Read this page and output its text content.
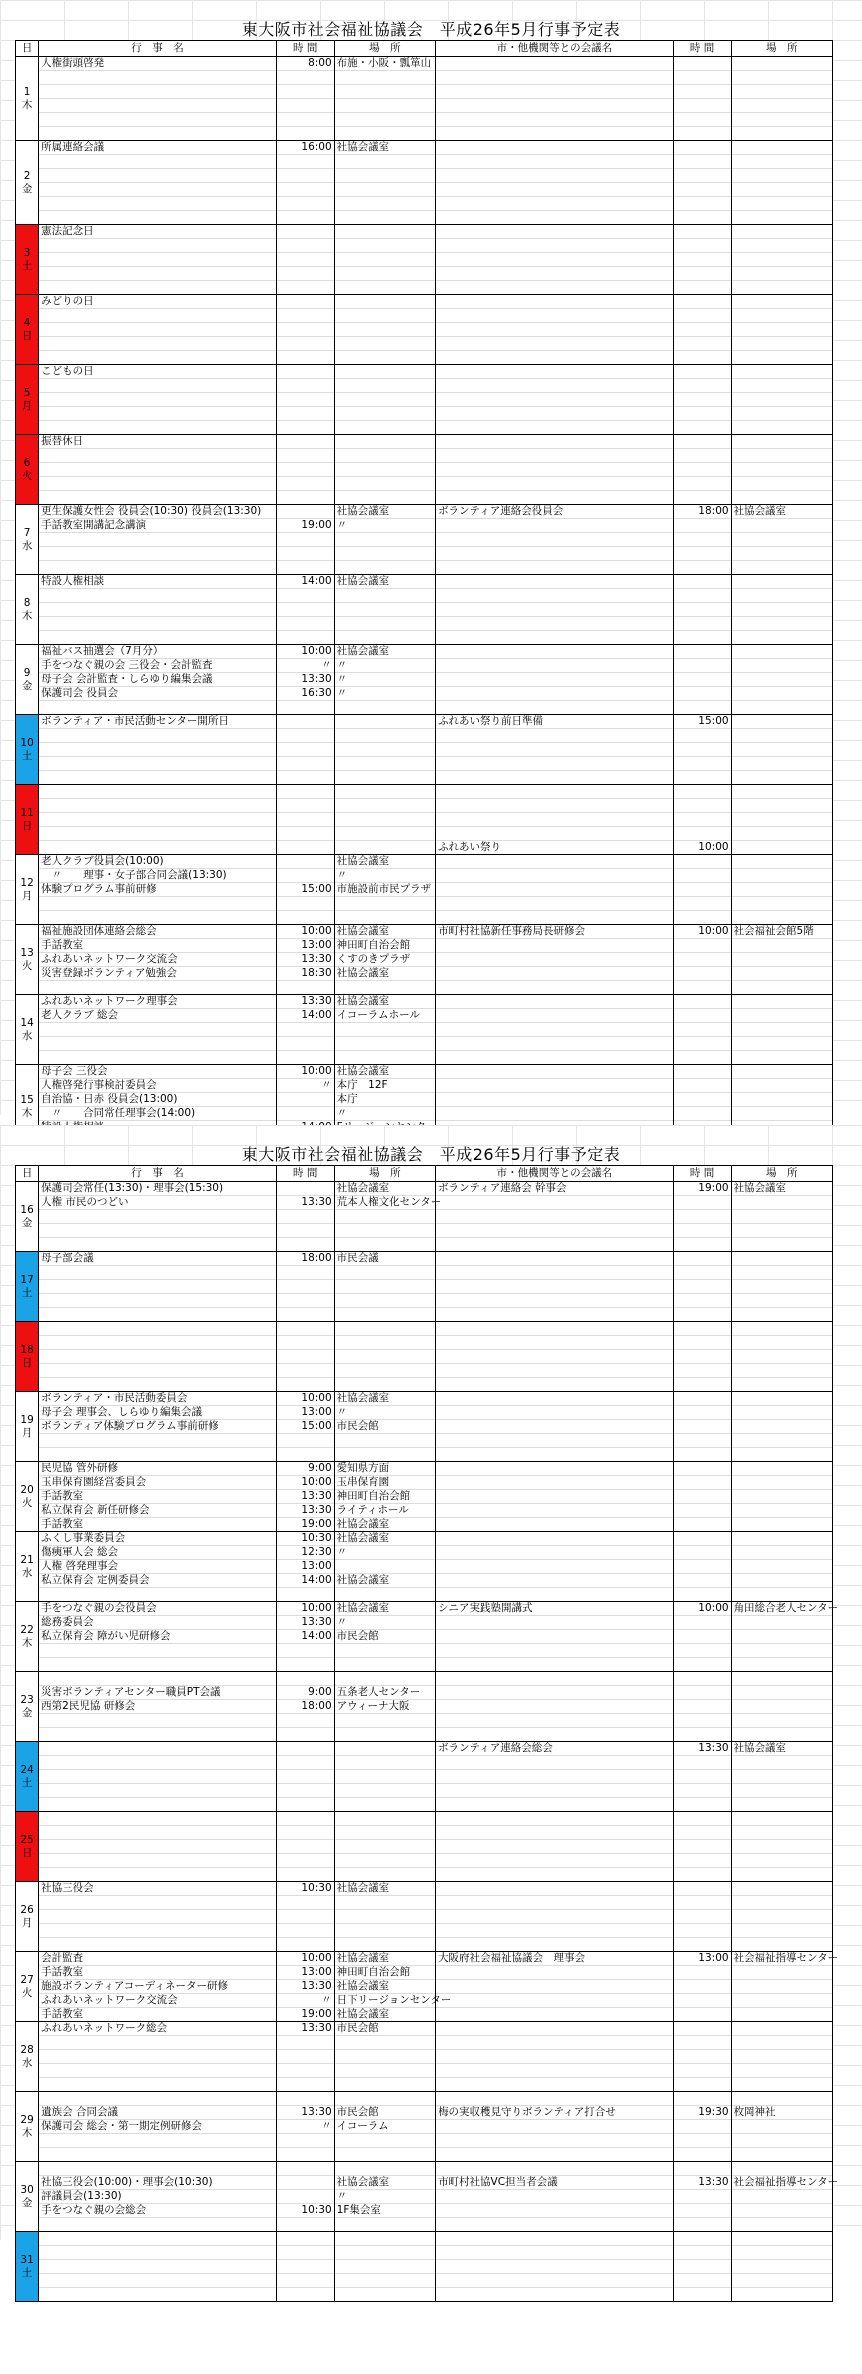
東大阪市社会福祉協議会　平成26年5月行事予定表
日	行　事　名	時 間	場　所	市・他機関等との会議名	時 間	場　所

1
木	人権街頭啓発	8:00	布施・小阪・瓢箪山			

2
金	所属連絡会議	16:00	社協会議室			

3
土	憲法記念日					

4
日	みどりの日					

5
月	こどもの日					

6
火	振替休日					

7
水	更生保護女性会 役員会(10:30) 役員会(13:30)		社協会議室	ボランティア連絡会役員会	18:00	社協会議室
	手話教室開講記念講演	19:00	〃			

8
木	特設人権相談	14:00	社協会議室			

9
金	福祉バス抽選会（7月分）	10:00	社協会議室			
	手をつなぐ親の会 三役会・会計監査	〃	〃			
	母子会 会計監査・しらゆり編集会議	13:30	〃			
	保護司会 役員会	16:30	〃			

10
土	ボランティア・市民活動センター開所日			ふれあい祭り前日準備	15:00	

11
日						

				ふれあい祭り	10:00	

12
月	老人クラブ役員会(10:00)		社協会議室			
	　〃　　理事・女子部合同会議(13:30)		〃			
	体験プログラム事前研修	15:00	市施設前市民プラザ			

13
火	福祉施設団体連絡会総会	10:00	社協会議室	市町村社協新任事務局長研修会	10:00	社会福祉会館5階
	手話教室	13:00	神田町自治会館			
	ふれあいネットワーク交流会	13:30	くすのきプラザ			
	災害登録ボランティア勉強会	18:30	社協会議室			

14
水	ふれあいネットワーク理事会	13:30	社協会議室			
	老人クラブ 総会	14:00	イコーラムホール			

15
木	母子会 三役会	10:00	社協会議室			
	人権啓発行事検討委員会	〃	本庁　12F			
	自治協・日赤 役員会(13:00)		本庁			
	　〃　　合同常任理事会(14:00)		〃			

東大阪市社会福祉協議会　平成26年5月行事予定表
日	行　事　名	時 間	場　所	市・他機関等との会議名	時 間	場　所

16
金	保護司会常任(13:30)・理事会(15:30)		社協会議室	ボランティア連絡会 幹事会	19:00	社協会議室
	人権 市民のつどい	13:30	荒本人権文化センター			

17
土	母子部会議	18:00	市民会議			

18
日						

19
月	ボランティア・市民活動委員会	10:00	社協会議室			
	母子会 理事会、しらゆり編集会議	13:00	〃			
	ボランティア体験プログラム事前研修	15:00	市民会館			

20
火	民児協 管外研修	9:00	愛知県方面			
	玉串保育園経営委員会	10:00	玉串保育園			
	手話教室	13:30	神田町自治会館			
	私立保育会 新任研修会	13:30	ライティホール			
	手話教室	19:00	社協会議室			

21
水	ふくし事業委員会	10:30	社協会議室			
	傷痍軍人会 総会	12:30	〃			
	人権 啓発理事会	13:00				
	私立保育会 定例委員会	14:00	社協会議室			

22
木	手をつなぐ親の会役員会	10:00	社協会議室	シニア実践塾開講式	10:00	角田総合老人センター
	総務委員会	13:30	〃			
	私立保育会 障がい児研修会	14:00	市民会館			

23
金						

	災害ボランティアセンター職員PT会議	9:00	五条老人センター			
	西第2民児協 研修会	18:00	アウィーナ大阪			

24
土				ボランティア連絡会総会	13:30	社協会議室

25
日						

26
月	社協三役会	10:30	社協会議室			

27
火	会計監査	10:00	社協会議室	大阪府社会福祉協議会　理事会	13:00	社会福祉指導センター
	手話教室	13:00	神田町自治会館			
	施設ボランティアコーディネーター研修	13:30	社協会議室			
	ふれあいネットワーク交流会	〃	日下リージョンセンター			
	手話教室	19:00	社協会議室			

28
水	ふれあいネットワーク総会	13:30	市民会館			

29
木						

	遺族会 合同会議	13:30	市民会館	梅の実収穫見守りボランティア打合せ	19:30	枚岡神社
	保護司会 総会・第一期定例研修会	〃	イコーラム			

30
金						

	社協三役会(10:00)・理事会(10:30)		社協会議室	市町村社協VC担当者会議	13:30	社会福祉指導センター
	評議員会(13:30)		〃			
	手をつなぐ親の会総会	10:30	1F集会室			

31
土						
